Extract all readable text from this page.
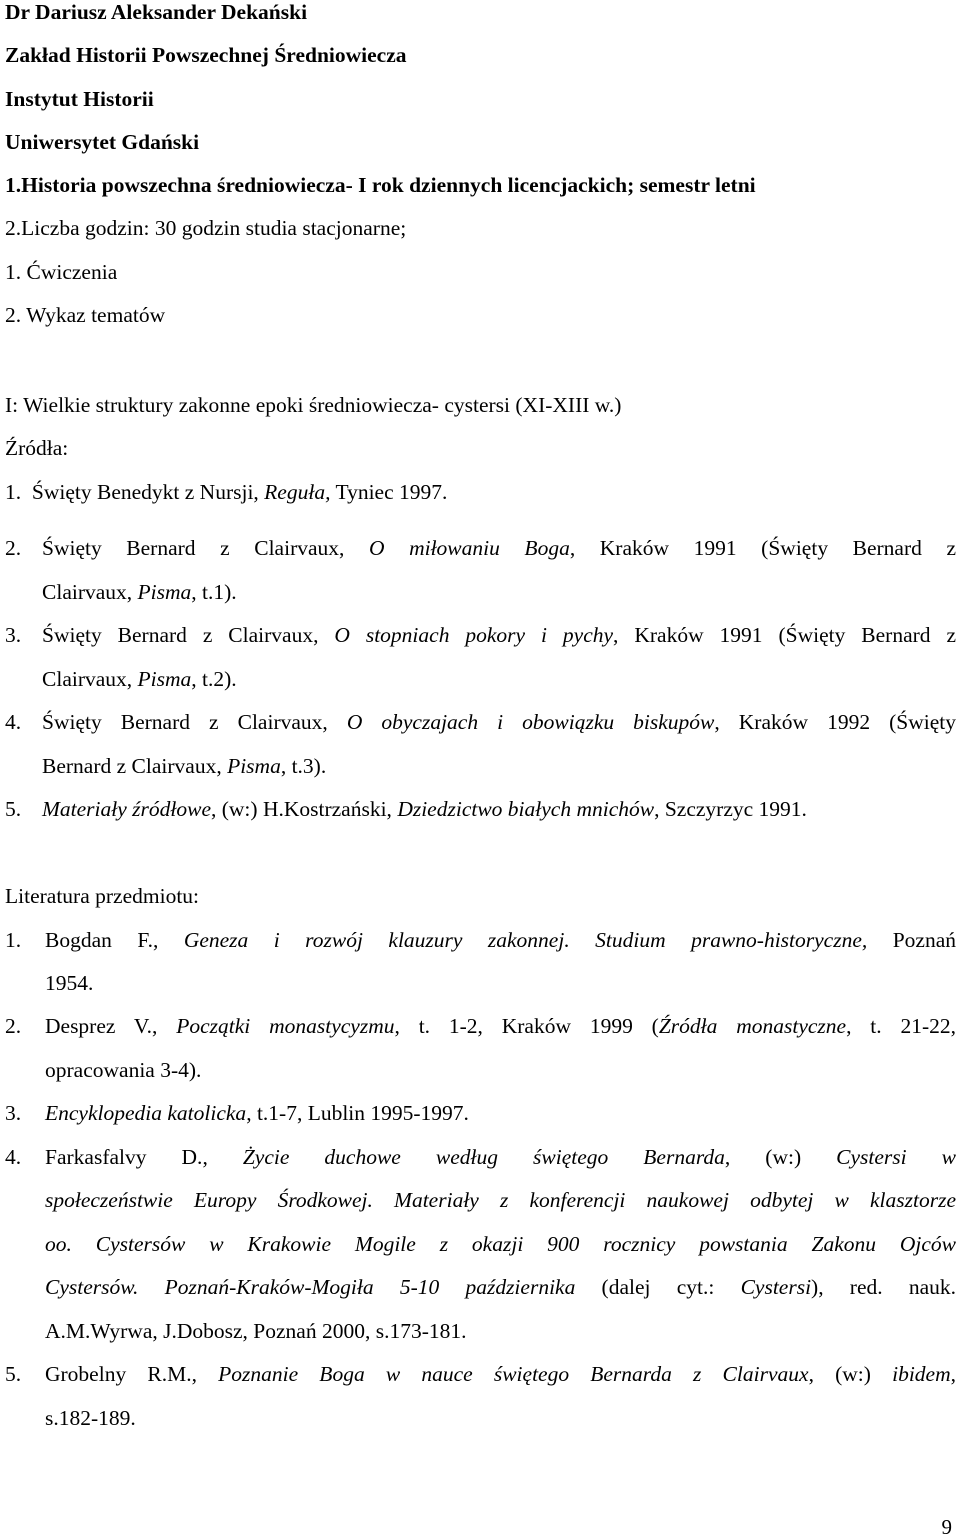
Dr Dariusz Aleksander Dekański
Zakład Historii Powszechnej Średniowiecza
Instytut Historii
Uniwersytet Gdański
1.Historia powszechna średniowiecza- I rok dziennych licencjackich; semestr letni
2.Liczba godzin: 30 godzin studia stacjonarne;
1. Ćwiczenia
2. Wykaz tematów
I: Wielkie struktury zakonne epoki średniowiecza- cystersi (XI-XIII w.)
Źródła:
1. Święty Benedykt z Nursji, Reguła, Tyniec 1997.
2. Święty Bernard z Clairvaux, O miłowaniu Boga, Kraków 1991 (Święty Bernard z
Clairvaux, Pisma, t.1).
3. Święty Bernard z Clairvaux, O stopniach pokory i pychy, Kraków 1991 (Święty Bernard z
Clairvaux, Pisma, t.2).
4. Święty Bernard z Clairvaux, O obyczajach i obowiązku biskupów, Kraków 1992 (Święty
Bernard z Clairvaux, Pisma, t.3).
5. Materiały źródłowe, (w:) H.Kostrzański, Dziedzictwo białych mnichów, Szczyrzyc 1991.
Literatura przedmiotu:
1. Bogdan F., Geneza i rozwój klauzury zakonnej. Studium prawno-historyczne, Poznań
1954.
2. Desprez V., Początki monastycyzmu, t. 1-2, Kraków 1999 (Źródła monastyczne, t. 21-22,
opracowania 3-4).
3. Encyklopedia katolicka, t.1-7, Lublin 1995-1997.
4. Farkasfalvy D., Życie duchowe według świętego Bernarda, (w:) Cystersi w
społeczeństwie Europy Środkowej. Materiały z konferencji naukowej odbytej w klasztorze
oo. Cystersów w Krakowie Mogile z okazji 900 rocznicy powstania Zakonu Ojców
Cystersów. Poznań-Kraków-Mogiła 5-10 października (dalej cyt.: Cystersi), red. nauk.
A.M.Wyrwa, J.Dobosz, Poznań 2000, s.173-181.
5. Grobelny R.M., Poznanie Boga w nauce świętego Bernarda z Clairvaux, (w:) ibidem,
s.182-189.
9
